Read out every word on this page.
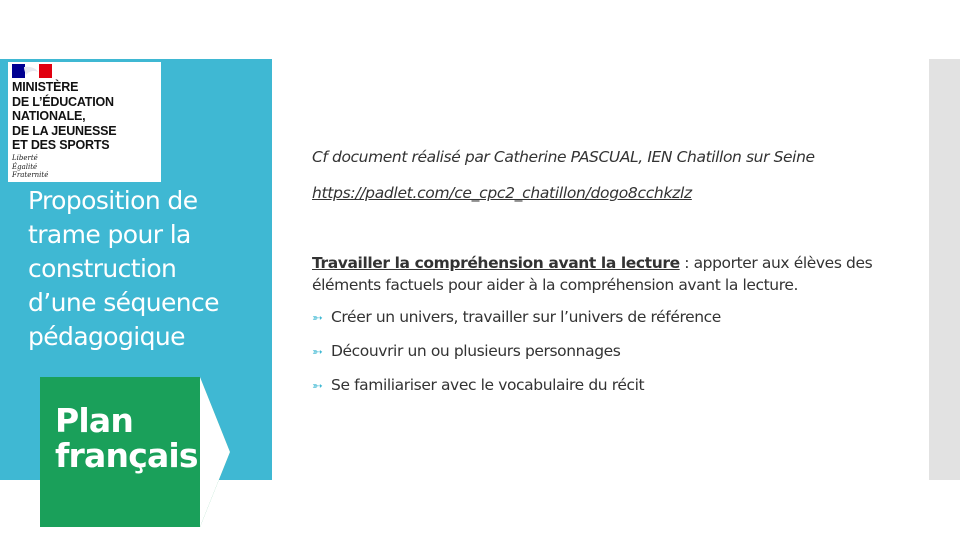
MINISTÈRE
DE L’ÉDUCATION
NATIONALE,
DE LA JEUNESSE
ET DES SPORTS
Liberté
Égalité
Fraternité
Proposition de
trame pour la
construction
d’une séquence
pédagogique
Plan
français
Cf document réalisé par Catherine PASCUAL, IEN Chatillon sur Seine
https://padlet.com/ce_cpc2_chatillon/dogo8cchkzlz
Travailler la compréhension avant la lecture : apporter aux élèves des éléments factuels pour aider à la compréhension avant la lecture.
➳ Créer un univers, travailler sur l’univers de référence
➳ Découvrir un ou plusieurs personnages
➳ Se familiariser avec le vocabulaire du récit
